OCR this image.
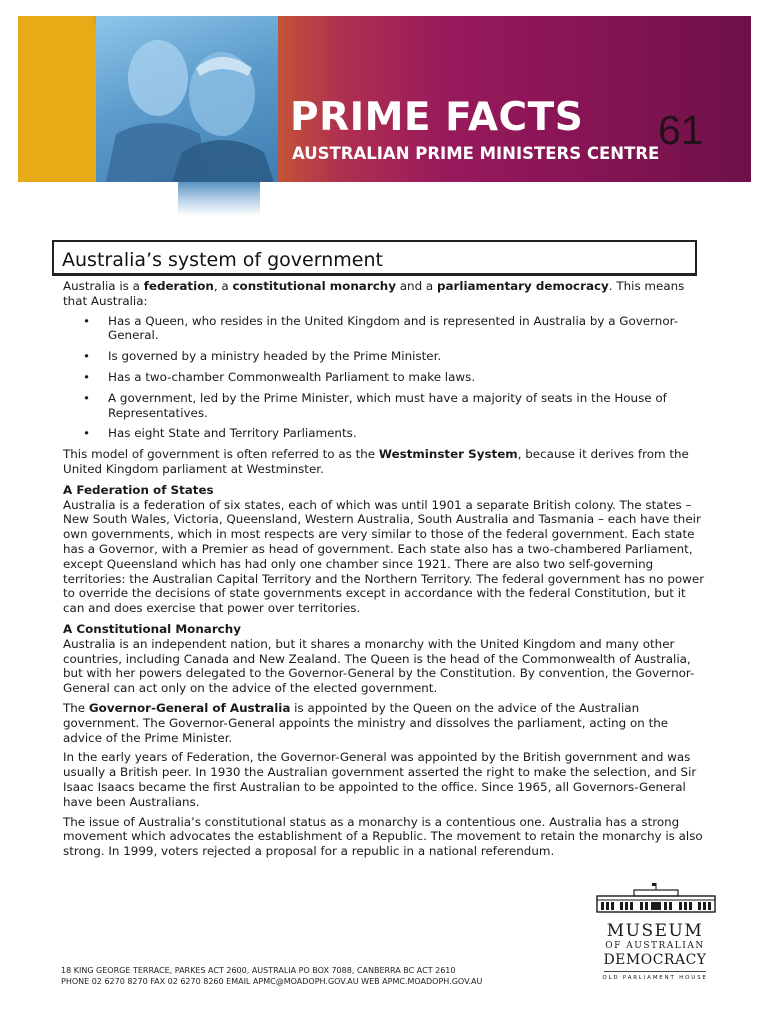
PRIME FACTS
AUSTRALIAN PRIME MINISTERS CENTRE
61
Australia’s system of government

Australia is a federation, a constitutional monarchy and a parliamentary democracy. This means that Australia:

• Has a Queen, who resides in the United Kingdom and is represented in Australia by a Governor-General.
• Is governed by a ministry headed by the Prime Minister.
• Has a two-chamber Commonwealth Parliament to make laws.
• A government, led by the Prime Minister, which must have a majority of seats in the House of Representatives.
• Has eight State and Territory Parliaments.

This model of government is often referred to as the Westminster System, because it derives from the United Kingdom parliament at Westminster.

A Federation of States

Australia is a federation of six states, each of which was until 1901 a separate British colony. The states – New South Wales, Victoria, Queensland, Western Australia, South Australia and Tasmania – each have their own governments, which in most respects are very similar to those of the federal government. Each state has a Governor, with a Premier as head of government. Each state also has a two-chambered Parliament, except Queensland which has had only one chamber since 1921. There are also two self-governing territories: the Australian Capital Territory and the Northern Territory. The federal government has no power to override the decisions of state governments except in accordance with the federal Constitution, but it can and does exercise that power over territories.

A Constitutional Monarchy

Australia is an independent nation, but it shares a monarchy with the United Kingdom and many other countries, including Canada and New Zealand. The Queen is the head of the Commonwealth of Australia, but with her powers delegated to the Governor-General by the Constitution. By convention, the Governor-General can act only on the advice of the elected government.

The Governor-General of Australia is appointed by the Queen on the advice of the Australian government. The Governor-General appoints the ministry and dissolves the parliament, acting on the advice of the Prime Minister.

In the early years of Federation, the Governor-General was appointed by the British government and was usually a British peer. In 1930 the Australian government asserted the right to make the selection, and Sir Isaac Isaacs became the first Australian to be appointed to the office. Since 1965, all Governors-General have been Australians.

The issue of Australia’s constitutional status as a monarchy is a contentious one. Australia has a strong movement which advocates the establishment of a Republic. The movement to retain the monarchy is also strong. In 1999, voters rejected a proposal for a republic in a national referendum.

18 KING GEORGE TERRACE, PARKES ACT 2600, AUSTRALIA PO BOX 7088, CANBERRA BC ACT 2610
PHONE 02 6270 8270 FAX 02 6270 8260 EMAIL APMC@MOADOPH.GOV.AU WEB APMC.MOADOPH.GOV.AU
MUSEUM
OF AUSTRALIAN
DEMOCRACY
OLD PARLIAMENT HOUSE
